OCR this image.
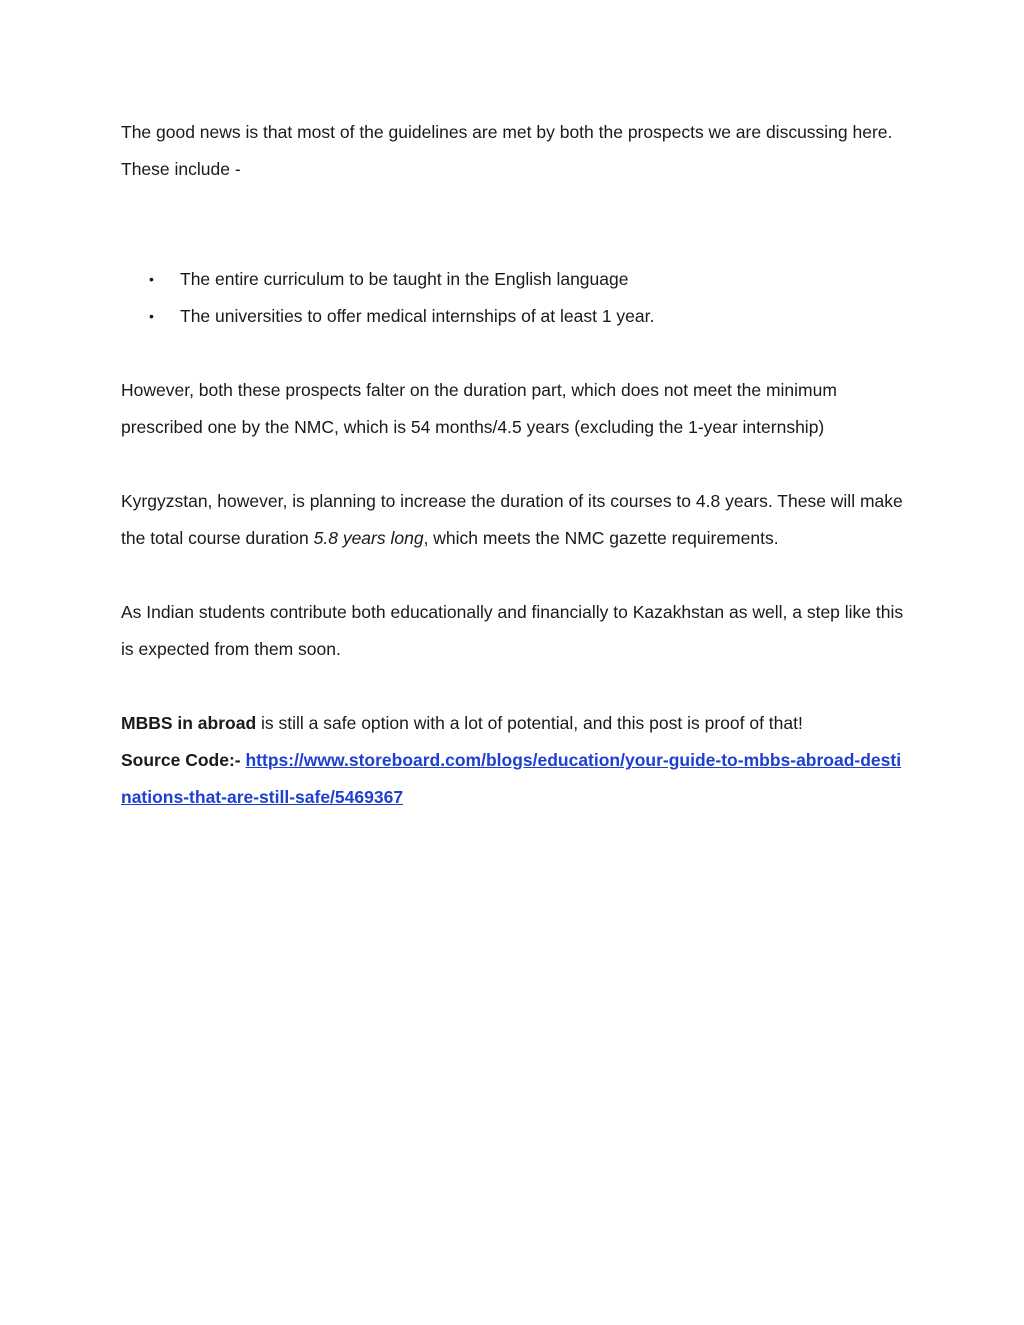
The good news is that most of the guidelines are met by both the prospects we are discussing here. These include -

• The entire curriculum to be taught in the English language
• The universities to offer medical internships of at least 1 year.

However, both these prospects falter on the duration part, which does not meet the minimum prescribed one by the NMC, which is 54 months/4.5 years (excluding the 1-year internship)

Kyrgyzstan, however, is planning to increase the duration of its courses to 4.8 years. These will make the total course duration 5.8 years long, which meets the NMC gazette requirements.

As Indian students contribute both educationally and financially to Kazakhstan as well, a step like this is expected from them soon.

MBBS in abroad is still a safe option with a lot of potential, and this post is proof of that!

Source Code:- https://www.storeboard.com/blogs/education/your-guide-to-mbbs-abroad-destinations-that-are-still-safe/5469367
